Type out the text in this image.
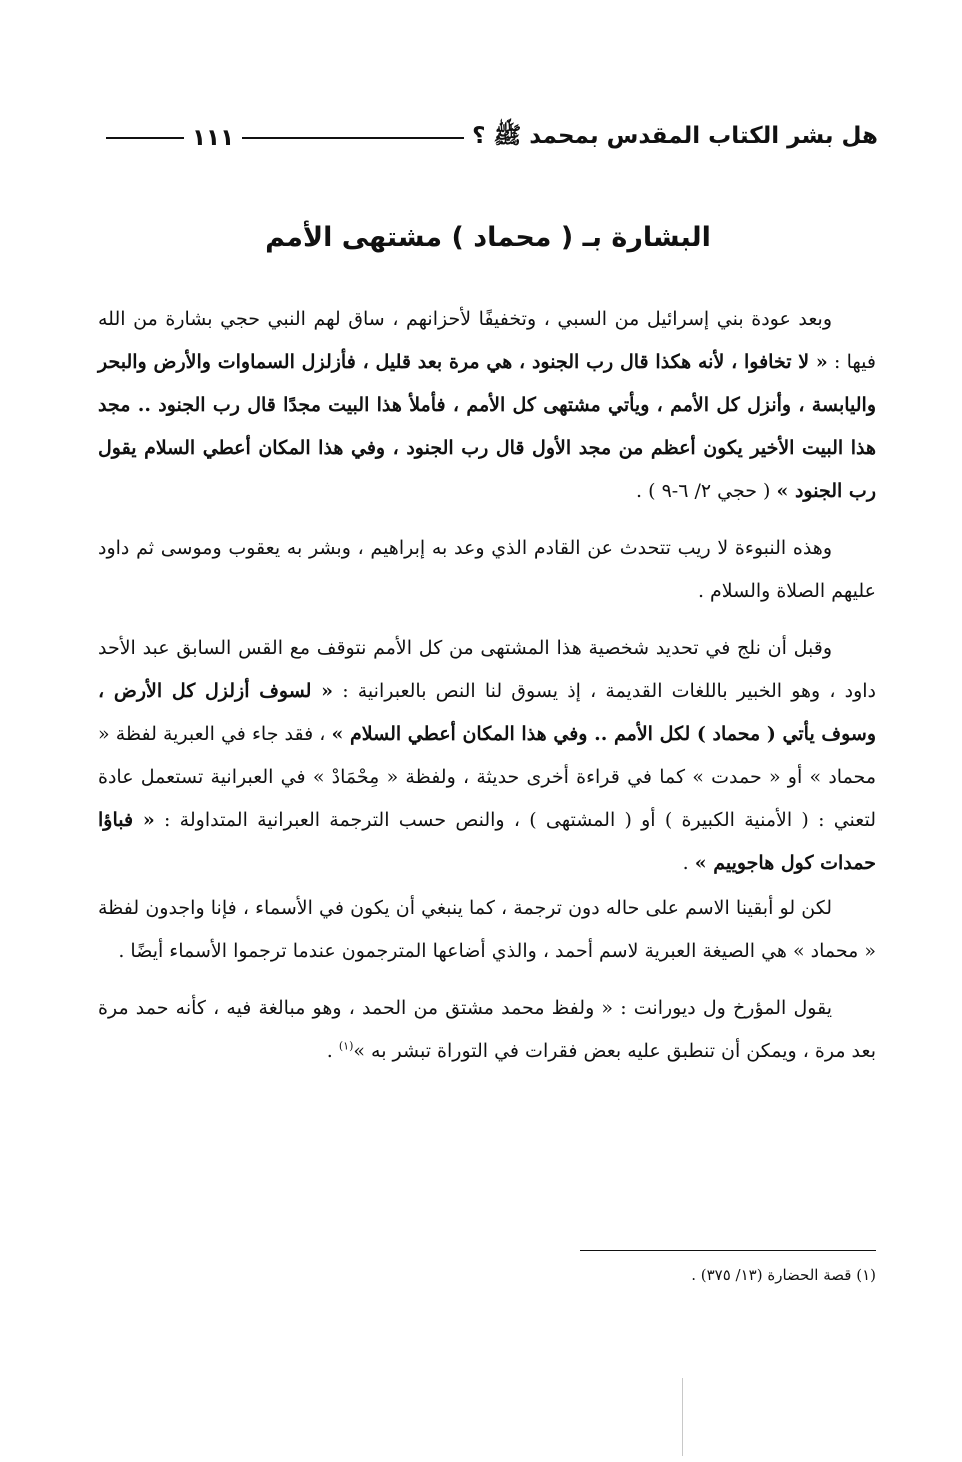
هل بشر الكتاب المقدس بمحمد ﷺ ؟
١١١
البشارة بـ ( محماد ) مشتهى الأمم

وبعد عودة بني إسرائيل من السبي ، وتخفيفًا لأحزانهم ، ساق لهم النبي حجي بشارة من الله فيها : « لا تخافوا ، لأنه هكذا قال رب الجنود ، هي مرة بعد قليل ، فأزلزل السماوات والأرض والبحر واليابسة ، وأنزل كل الأمم ، ويأتي مشتهى كل الأمم ، فأملأ هذا البيت مجدًا قال رب الجنود .. مجد هذا البيت الأخير يكون أعظم من مجد الأول قال رب الجنود ، وفي هذا المكان أعطي السلام يقول رب الجنود » ( حجي ٢/ ٦-٩ ) .

وهذه النبوءة لا ريب تتحدث عن القادم الذي وعد به إبراهيم ، وبشر به يعقوب وموسى ثم داود عليهم الصلاة والسلام .

وقبل أن نلج في تحديد شخصية هذا المشتهى من كل الأمم نتوقف مع القس السابق عبد الأحد داود ، وهو الخبير باللغات القديمة ، إذ يسوق لنا النص بالعبرانية : « لسوف أزلزل كل الأرض ، وسوف يأتي ( محماد ) لكل الأمم .. وفي هذا المكان أعطي السلام » ، فقد جاء في العبرية لفظة « محماد » أو « حمدت » كما في قراءة أخرى حديثة ، ولفظة « مِحْمَادْ » في العبرانية تستعمل عادة لتعني : ( الأمنية الكبيرة ) أو ( المشتهى ) ، والنص حسب الترجمة العبرانية المتداولة : « فباؤا حمدات كول هاجوييم » .

لكن لو أبقينا الاسم على حاله دون ترجمة ، كما ينبغي أن يكون في الأسماء ، فإنا واجدون لفظة « محماد » هي الصيغة العبرية لاسم أحمد ، والذي أضاعها المترجمون عندما ترجموا الأسماء أيضًا .

يقول المؤرخ ول ديورانت : « ولفظ محمد مشتق من الحمد ، وهو مبالغة فيه ، كأنه حمد مرة بعد مرة ، ويمكن أن تنطبق عليه بعض فقرات في التوراة تبشر به »$^{(١)}$ .

(١) قصة الحضارة (١٣/ ٣٧٥) .
